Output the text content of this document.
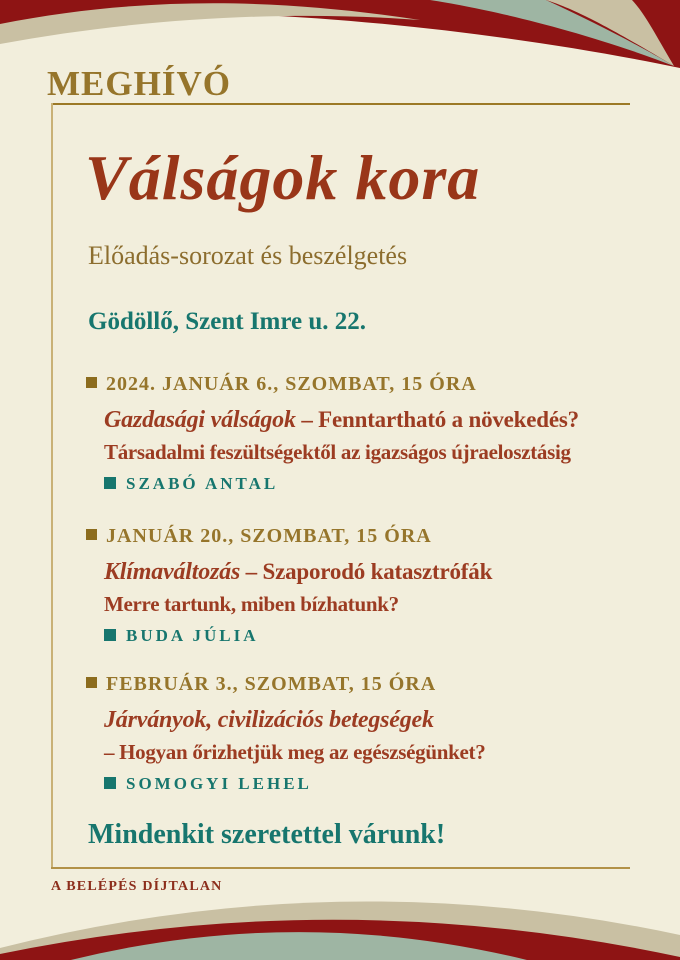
MEGHÍVÓ
Válságok kora
Előadás-sorozat és beszélgetés
Gödöllő, Szent Imre u. 22.
2024. JANUÁR 6., SZOMBAT, 15 ÓRA
Gazdasági válságok – Fenntartható a növekedés?
Társadalmi feszültségektől az igazságos újraelosztásig
SZABÓ ANTAL
JANUÁR 20., SZOMBAT, 15 ÓRA
Klímaváltozás – Szaporodó katasztrófák
Merre tartunk, miben bízhatunk?
BUDA JÚLIA
FEBRUÁR 3., SZOMBAT, 15 ÓRA
Járványok, civilizációs betegségek
– Hogyan őrizhetjük meg az egészségünket?
SOMOGYI LEHEL
Mindenkit szeretettel várunk!
A BELÉPÉS DÍJTALAN
